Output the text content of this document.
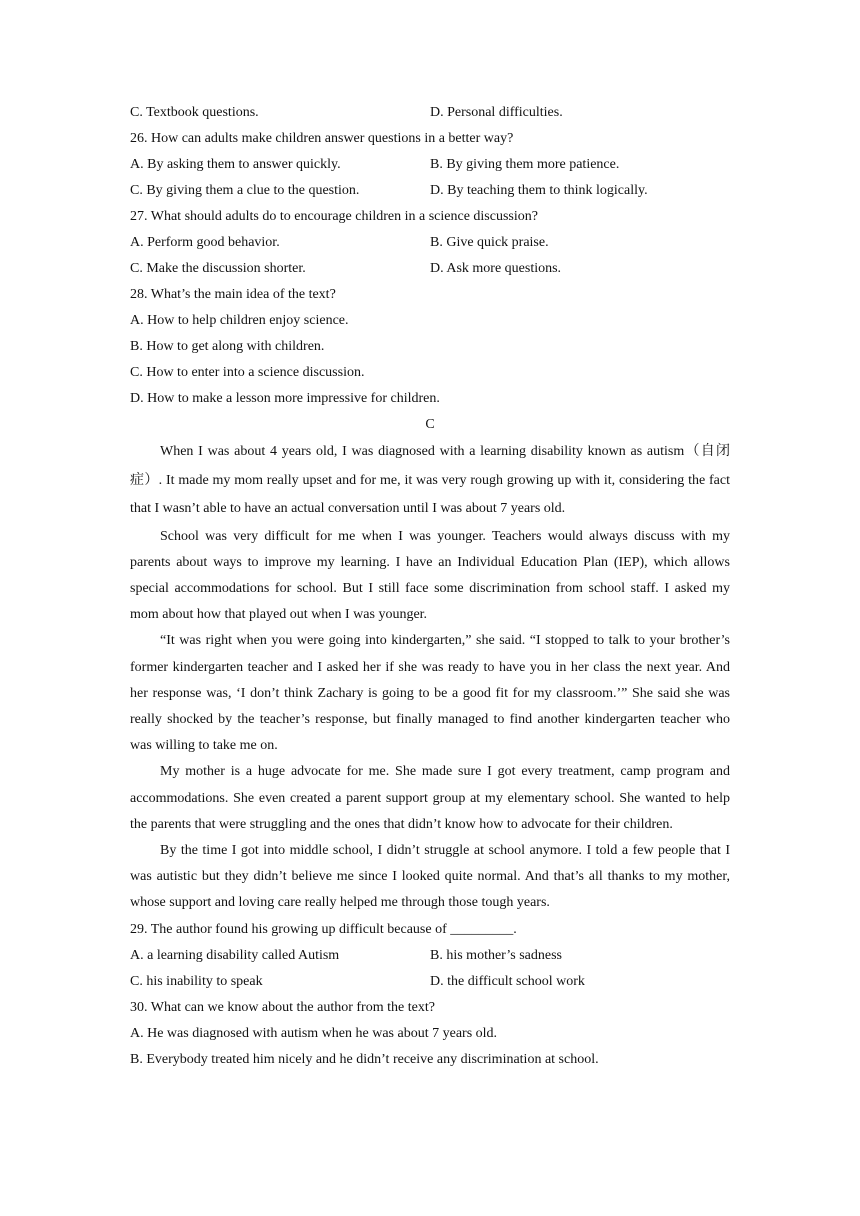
C. Textbook questions.	D. Personal difficulties.
26. How can adults make children answer questions in a better way?
A. By asking them to answer quickly.	B. By giving them more patience.
C. By giving them a clue to the question.	D. By teaching them to think logically.
27. What should adults do to encourage children in a science discussion?
A. Perform good behavior.	B. Give quick praise.
C. Make the discussion shorter.	D. Ask more questions.
28. What’s the main idea of the text?
A. How to help children enjoy science.
B. How to get along with children.
C. How to enter into a science discussion.
D. How to make a lesson more impressive for children.
C

When I was about 4 years old, I was diagnosed with a learning disability known as autism（自闭症）. It made my mom really upset and for me, it was very rough growing up with it, considering the fact that I wasn’t able to have an actual conversation until I was about 7 years old.

School was very difficult for me when I was younger. Teachers would always discuss with my parents about ways to improve my learning. I have an Individual Education Plan (IEP), which allows special accommodations for school. But I still face some discrimination from school staff. I asked my mom about how that played out when I was younger.

“It was right when you were going into kindergarten,” she said. “I stopped to talk to your brother’s former kindergarten teacher and I asked her if she was ready to have you in her class the next year. And her response was, ‘I don’t think Zachary is going to be a good fit for my classroom.’” She said she was really shocked by the teacher’s response, but finally managed to find another kindergarten teacher who was willing to take me on.

My mother is a huge advocate for me. She made sure I got every treatment, camp program and accommodations. She even created a parent support group at my elementary school. She wanted to help the parents that were struggling and the ones that didn’t know how to advocate for their children.

By the time I got into middle school, I didn’t struggle at school anymore. I told a few people that I was autistic but they didn’t believe me since I looked quite normal. And that’s all thanks to my mother, whose support and loving care really helped me through those tough years.

29. The author found his growing up difficult because of _________.
A. a learning disability called Autism	B. his mother’s sadness
C. his inability to speak	D. the difficult school work
30. What can we know about the author from the text?
A. He was diagnosed with autism when he was about 7 years old.
B. Everybody treated him nicely and he didn’t receive any discrimination at school.
